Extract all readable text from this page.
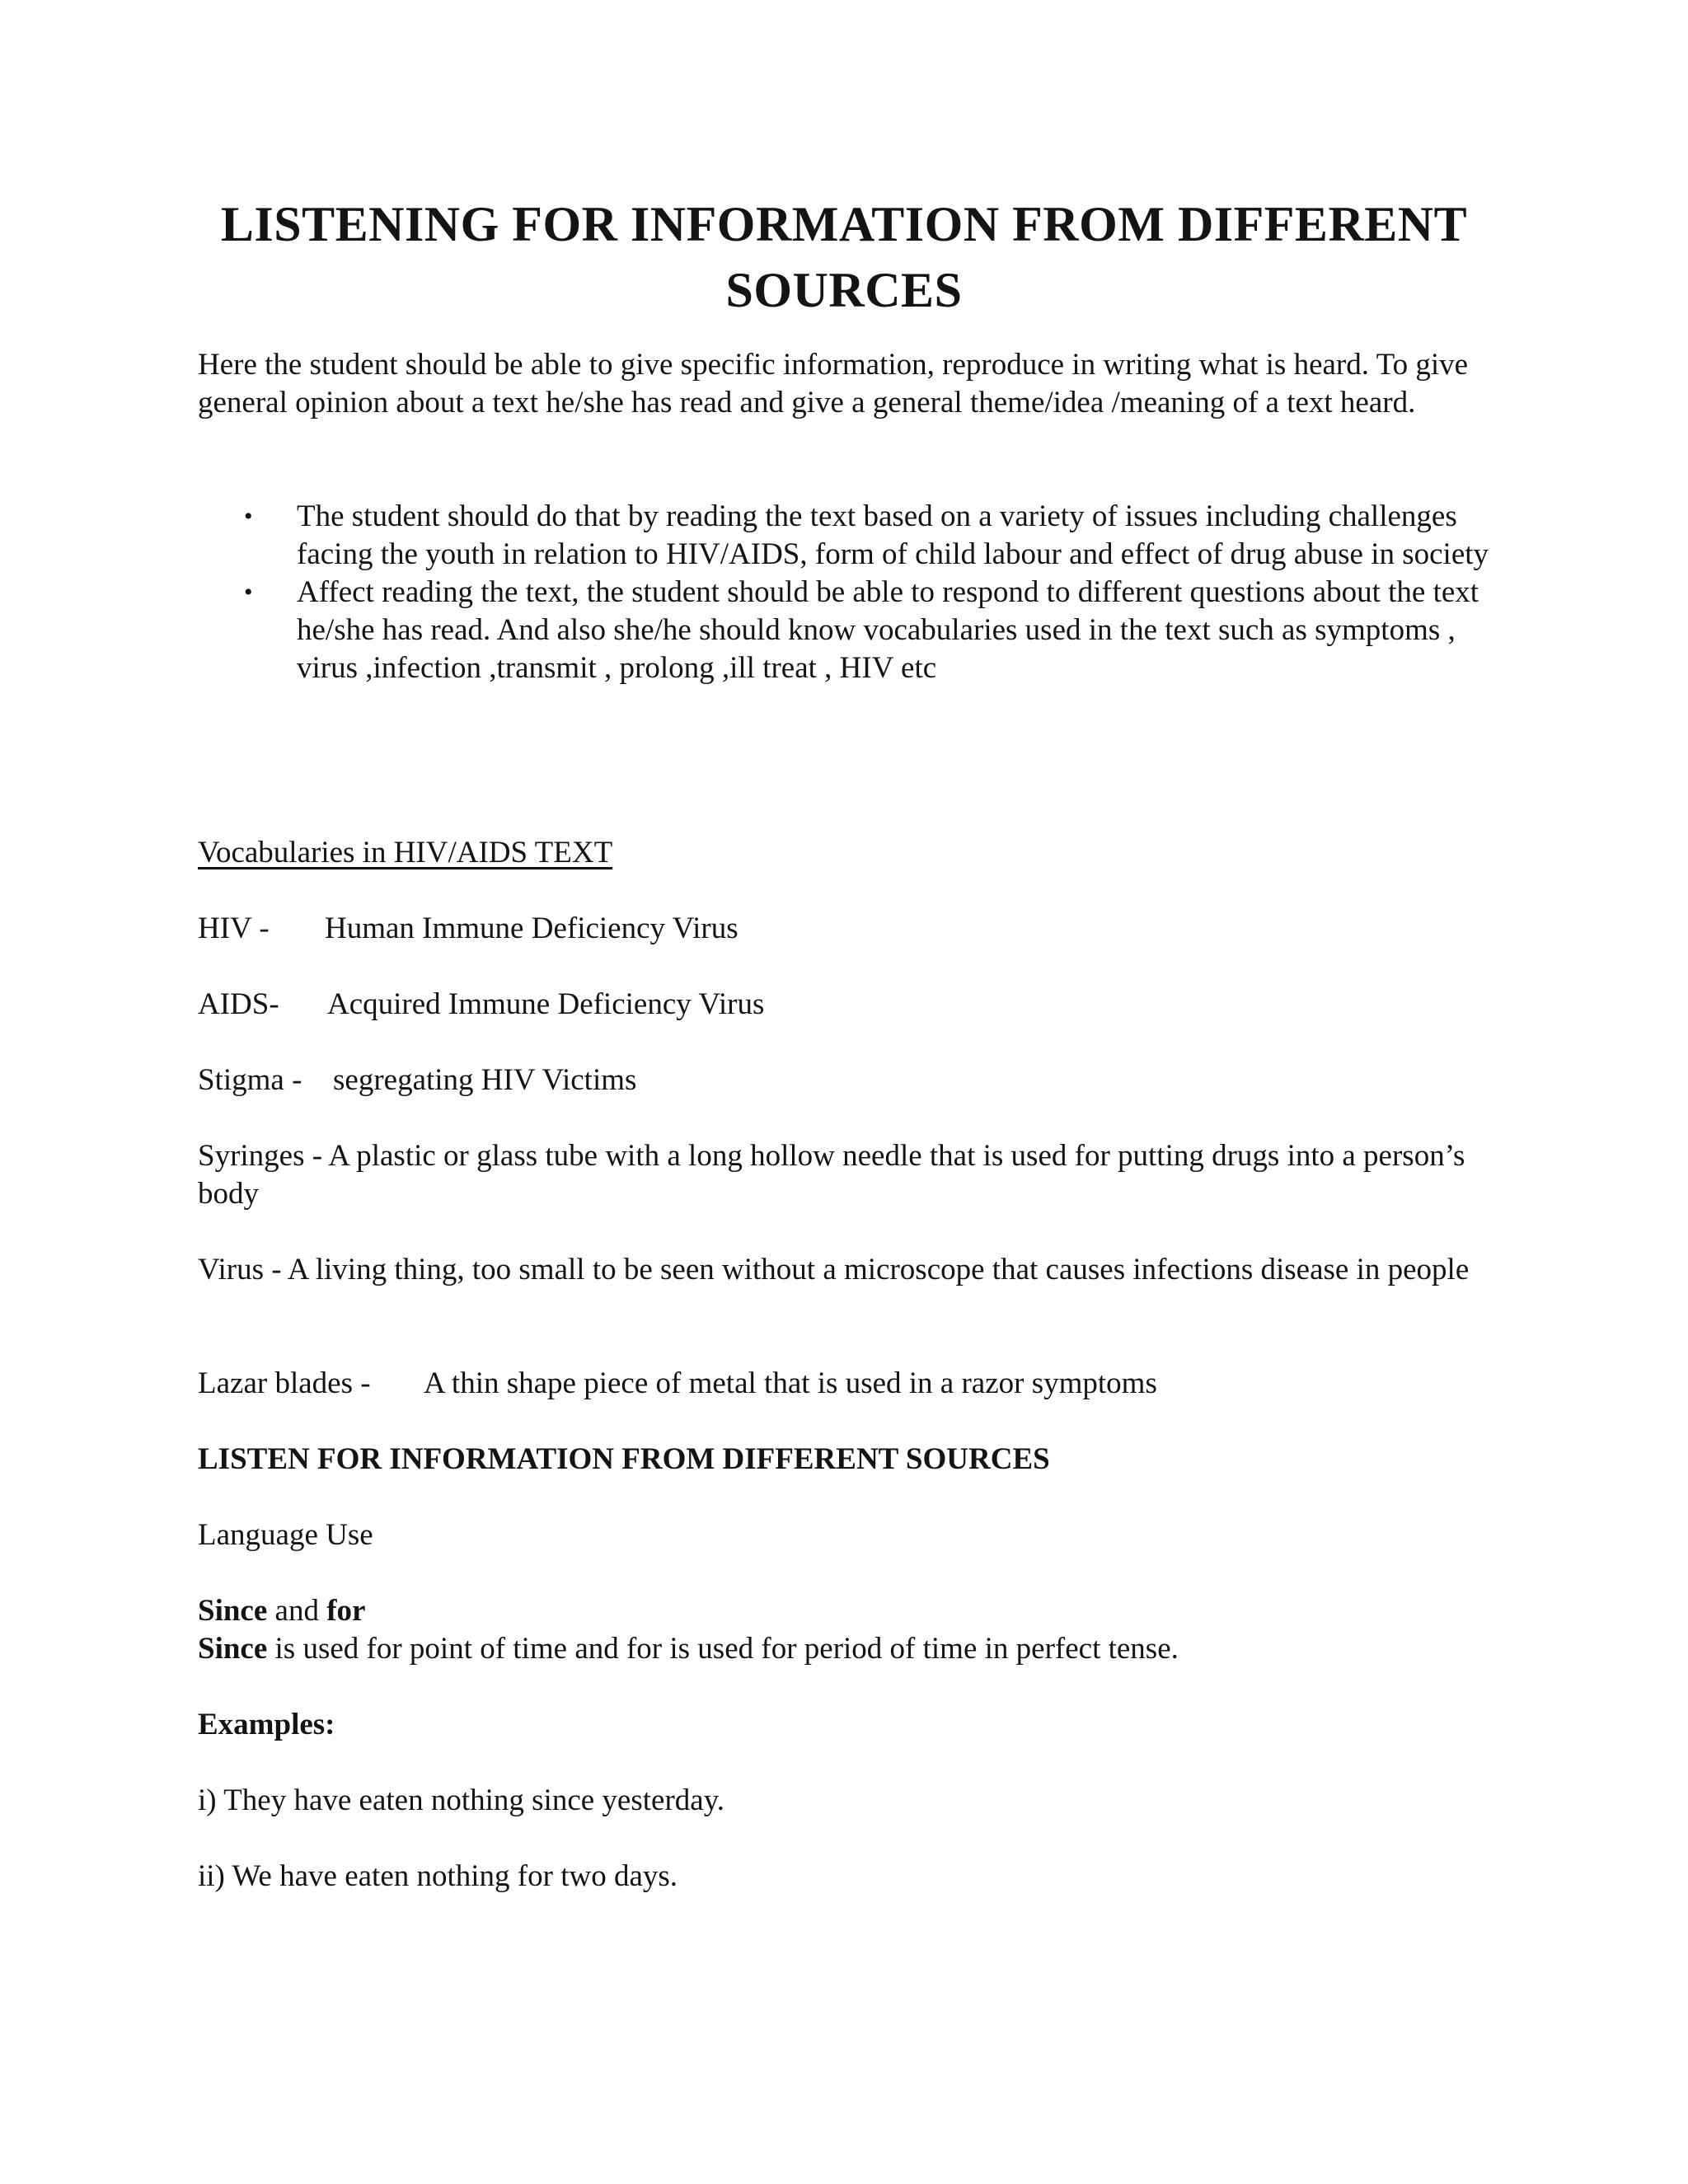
LISTENING FOR INFORMATION FROM DIFFERENT SOURCES

Here the student should be able to give specific information, reproduce in writing what is heard. To give general opinion about a text he/she has read and give a general theme/idea /meaning of a text heard.

• The student should do that by reading the text based on a variety of issues including challenges facing the youth in relation to HIV/AIDS, form of child labour and effect of drug abuse in society
• Affect reading the text, the student should be able to respond to different questions about the text he/she has read. And also she/he should know vocabularies used in the text such as symptoms , virus ,infection ,transmit , prolong ,ill treat , HIV etc

Vocabularies in HIV/AIDS TEXT

HIV - Human Immune Deficiency Virus

AIDS- Acquired Immune Deficiency Virus

Stigma - segregating HIV Victims

Syringes - A plastic or glass tube with a long hollow needle that is used for putting drugs into a person’s body

Virus - A living thing, too small to be seen without a microscope that causes infections disease in people

Lazar blades - A thin shape piece of metal that is used in a razor symptoms

LISTEN FOR INFORMATION FROM DIFFERENT SOURCES

Language Use

Since and for

Since is used for point of time and for is used for period of time in perfect tense.

Examples:

i) They have eaten nothing since yesterday.

ii) We have eaten nothing for two days.
